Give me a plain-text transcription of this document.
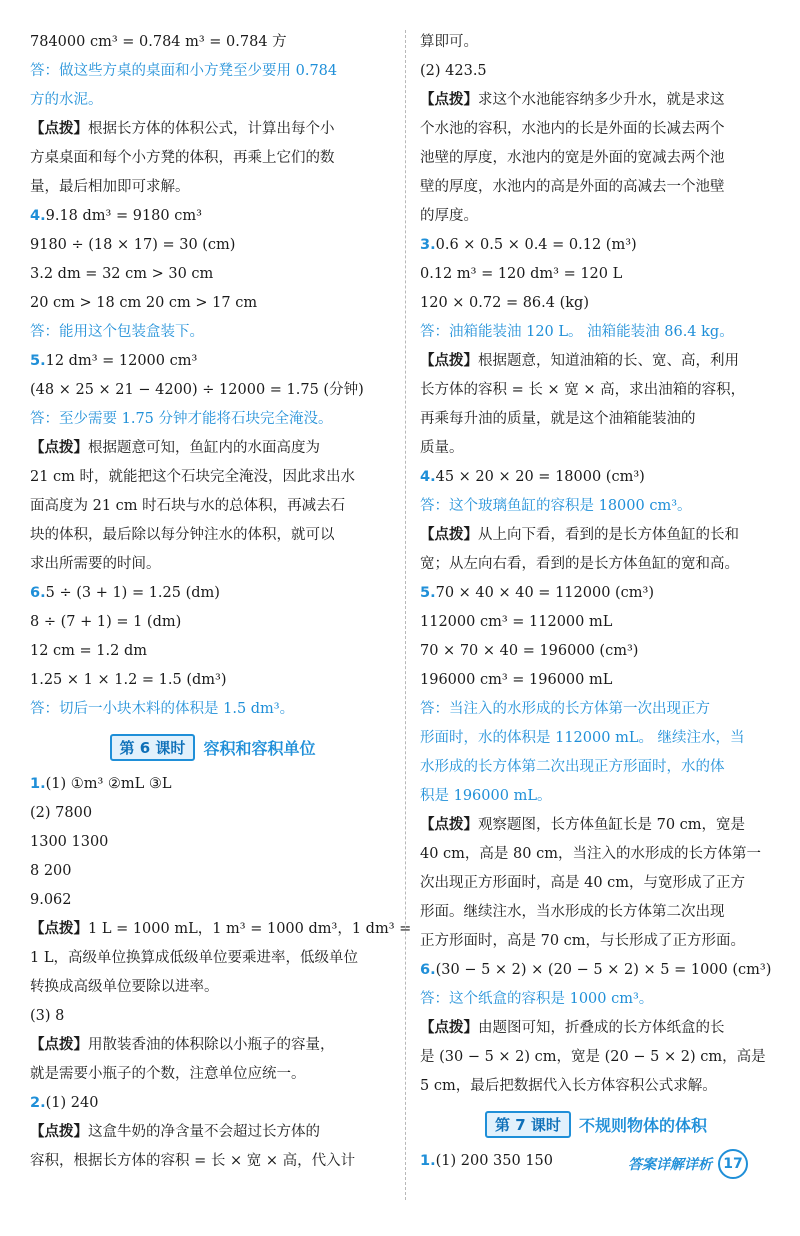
784000 cm³ = 0.784 m³ = 0.784 方
答：做这些方桌的桌面和小方凳至少要用 0.784
方的水泥。
【点拨】根据长方体的体积公式，计算出每个小
方桌桌面和每个小方凳的体积，再乘上它们的数
量，最后相加即可求解。
4.9.18 dm³ = 9180 cm³
9180 ÷ (18 × 17) = 30 (cm)
3.2 dm = 32 cm > 30 cm
20 cm > 18 cm 20 cm > 17 cm
答：能用这个包装盒装下。
5.12 dm³ = 12000 cm³
(48 × 25 × 21 − 4200) ÷ 12000 = 1.75 (分钟)
答：至少需要 1.75 分钟才能将石块完全淹没。
【点拨】根据题意可知，鱼缸内的水面高度为
21 cm 时，就能把这个石块完全淹没，因此求出水
面高度为 21 cm 时石块与水的总体积，再减去石
块的体积，最后除以每分钟注水的体积，就可以
求出所需要的时间。
6.5 ÷ (3 + 1) = 1.25 (dm)
8 ÷ (7 + 1) = 1 (dm)
12 cm = 1.2 dm
1.25 × 1 × 1.2 = 1.5 (dm³)
答：切后一小块木料的体积是 1.5 dm³。
第 6 课时	容积和容积单位
1.(1) ①m³ ②mL ③L
(2) 7800
1300 1300
8 200
9.062
【点拨】1 L = 1000 mL，1 m³ = 1000 dm³，1 dm³ =
1 L，高级单位换算成低级单位要乘进率，低级单位
转换成高级单位要除以进率。
(3) 8
【点拨】用散装香油的体积除以小瓶子的容量，
就是需要小瓶子的个数，注意单位应统一。
2.(1) 240
【点拨】这盒牛奶的净含量不会超过长方体的
容积，根据长方体的容积 = 长 × 宽 × 高，代入计
算即可。
(2) 423.5
【点拨】求这个水池能容纳多少升水，就是求这
个水池的容积，水池内的长是外面的长减去两个
池壁的厚度，水池内的宽是外面的宽减去两个池
壁的厚度，水池内的高是外面的高减去一个池壁
的厚度。
3.0.6 × 0.5 × 0.4 = 0.12 (m³)
0.12 m³ = 120 dm³ = 120 L
120 × 0.72 = 86.4 (kg)
答：油箱能装油 120 L。 油箱能装油 86.4 kg。
【点拨】根据题意，知道油箱的长、宽、高，利用
长方体的容积 = 长 × 宽 × 高，求出油箱的容积，
再乘每升油的质量，就是这个油箱能装油的
质量。
4.45 × 20 × 20 = 18000 (cm³)
答：这个玻璃鱼缸的容积是 18000 cm³。
【点拨】从上向下看，看到的是长方体鱼缸的长和
宽；从左向右看，看到的是长方体鱼缸的宽和高。
5.70 × 40 × 40 = 112000 (cm³)
112000 cm³ = 112000 mL
70 × 70 × 40 = 196000 (cm³)
196000 cm³ = 196000 mL
答：当注入的水形成的长方体第一次出现正方
形面时，水的体积是 112000 mL。 继续注水，当
水形成的长方体第二次出现正方形面时，水的体
积是 196000 mL。
【点拨】观察题图，长方体鱼缸长是 70 cm，宽是
40 cm，高是 80 cm，当注入的水形成的长方体第一
次出现正方形面时，高是 40 cm，与宽形成了正方
形面。继续注水，当水形成的长方体第二次出现
正方形面时，高是 70 cm，与长形成了正方形面。
6.(30 − 5 × 2) × (20 − 5 × 2) × 5 = 1000 (cm³)
答：这个纸盒的容积是 1000 cm³。
【点拨】由题图可知，折叠成的长方体纸盒的长
是 (30 − 5 × 2) cm，宽是 (20 − 5 × 2) cm，高是
5 cm，最后把数据代入长方体容积公式求解。
第 7 课时	不规则物体的体积
1.(1) 200 350 150	答案详解详析 17
